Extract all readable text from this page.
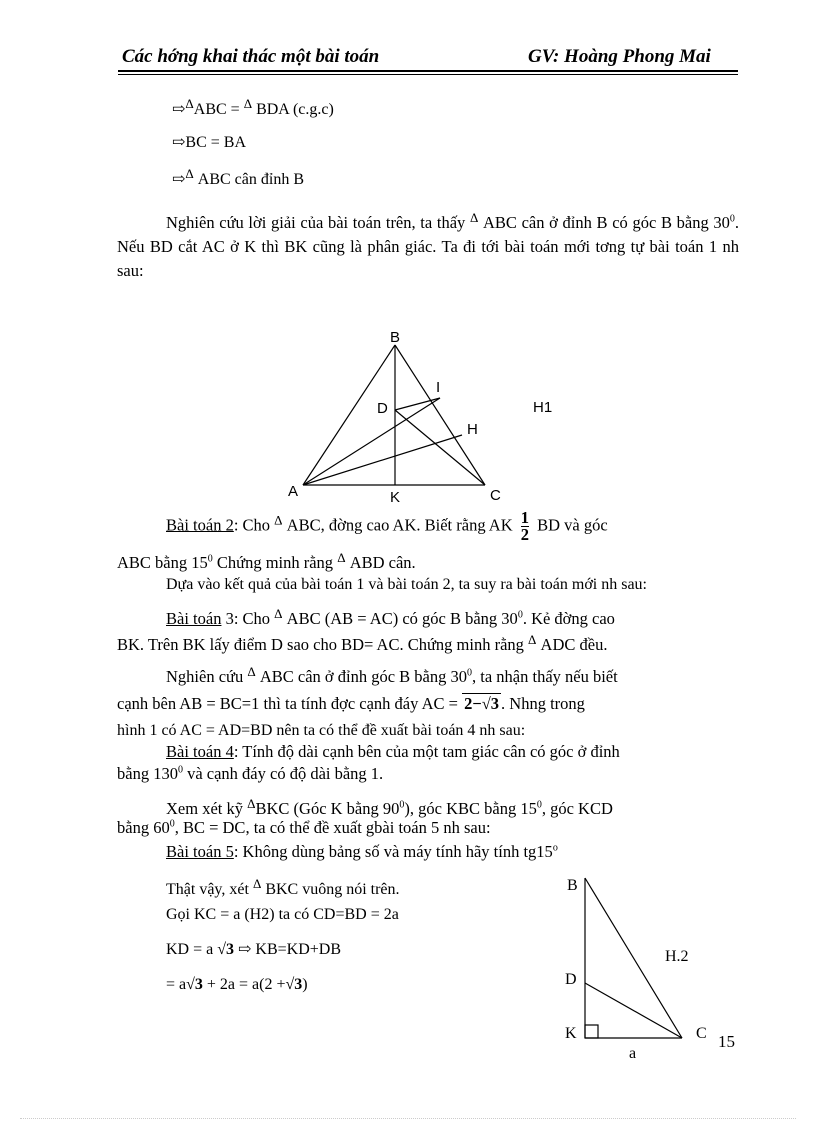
Các hớng khai thác một bài toán	GV: Hoàng Phong Mai
⇨$^\Delta$ABC = $^\Delta$ BDA (c.g.c)
⇨BC = BA
⇨$^\Delta$ ABC cân đỉnh B
Nghiên cứu lời giải của bài toán trên, ta thấy $^\Delta$ ABC cân ở đỉnh B có góc B bằng $30^0$. Nếu BD cắt AC ở K thì BK cũng là phân giác. Ta đi tới bài toán mới tơng tự bài toán 1 nh sau:
B
I
D
H
A	K	C
H1
Bài toán 2: Cho $^\Delta$ ABC, đờng cao AK. Biết rằng AK $\frac{1}{2}$ BD và góc
ABC bằng $15^0$ Chứng minh rằng $^\Delta$ ABD cân.
Dựa vào kết quả của bài toán 1 và bài toán 2, ta suy ra bài toán mới nh sau:
Bài toán 3: Cho $^\Delta$ ABC (AB = AC) có góc B bằng $30^0$. Kẻ đờng cao
BK. Trên BK lấy điểm D sao cho BD= AC. Chứng minh rằng $^\Delta$ ADC đều.
Nghiên cứu $^\Delta$ ABC cân ở đỉnh góc B bằng $30^0$, ta nhận thấy nếu biết
cạnh bên AB = BC=1 thì ta tính đợc cạnh đáy AC = 2−√3 . Nhng trong
hình 1 có AC = AD=BD nên ta có thể đề xuất bài toán 4 nh sau:
Bài toán 4: Tính độ dài cạnh bên của một tam giác cân có góc ở đỉnh
bằng $130^0$ và cạnh đáy có độ dài bằng 1.
Xem xét kỹ $^\Delta$BKC (Góc K bằng $90^0$), góc KBC bằng $15^0$, góc KCD
bằng $60^0$, BC = DC, ta có thể đề xuất gbài toán 5 nh sau:
Bài toán 5: Không dùng bảng số và máy tính hãy tính tg15$^o$
Thật vậy, xét $^\Delta$ BKC vuông nói trên.
Gọi KC = a (H2) ta có CD=BD = 2a
KD = a √3 ⇨ KB=KD+DB
= a√3 + 2a = a(2 +√3)
B
D
K	C
a
H.2
15
